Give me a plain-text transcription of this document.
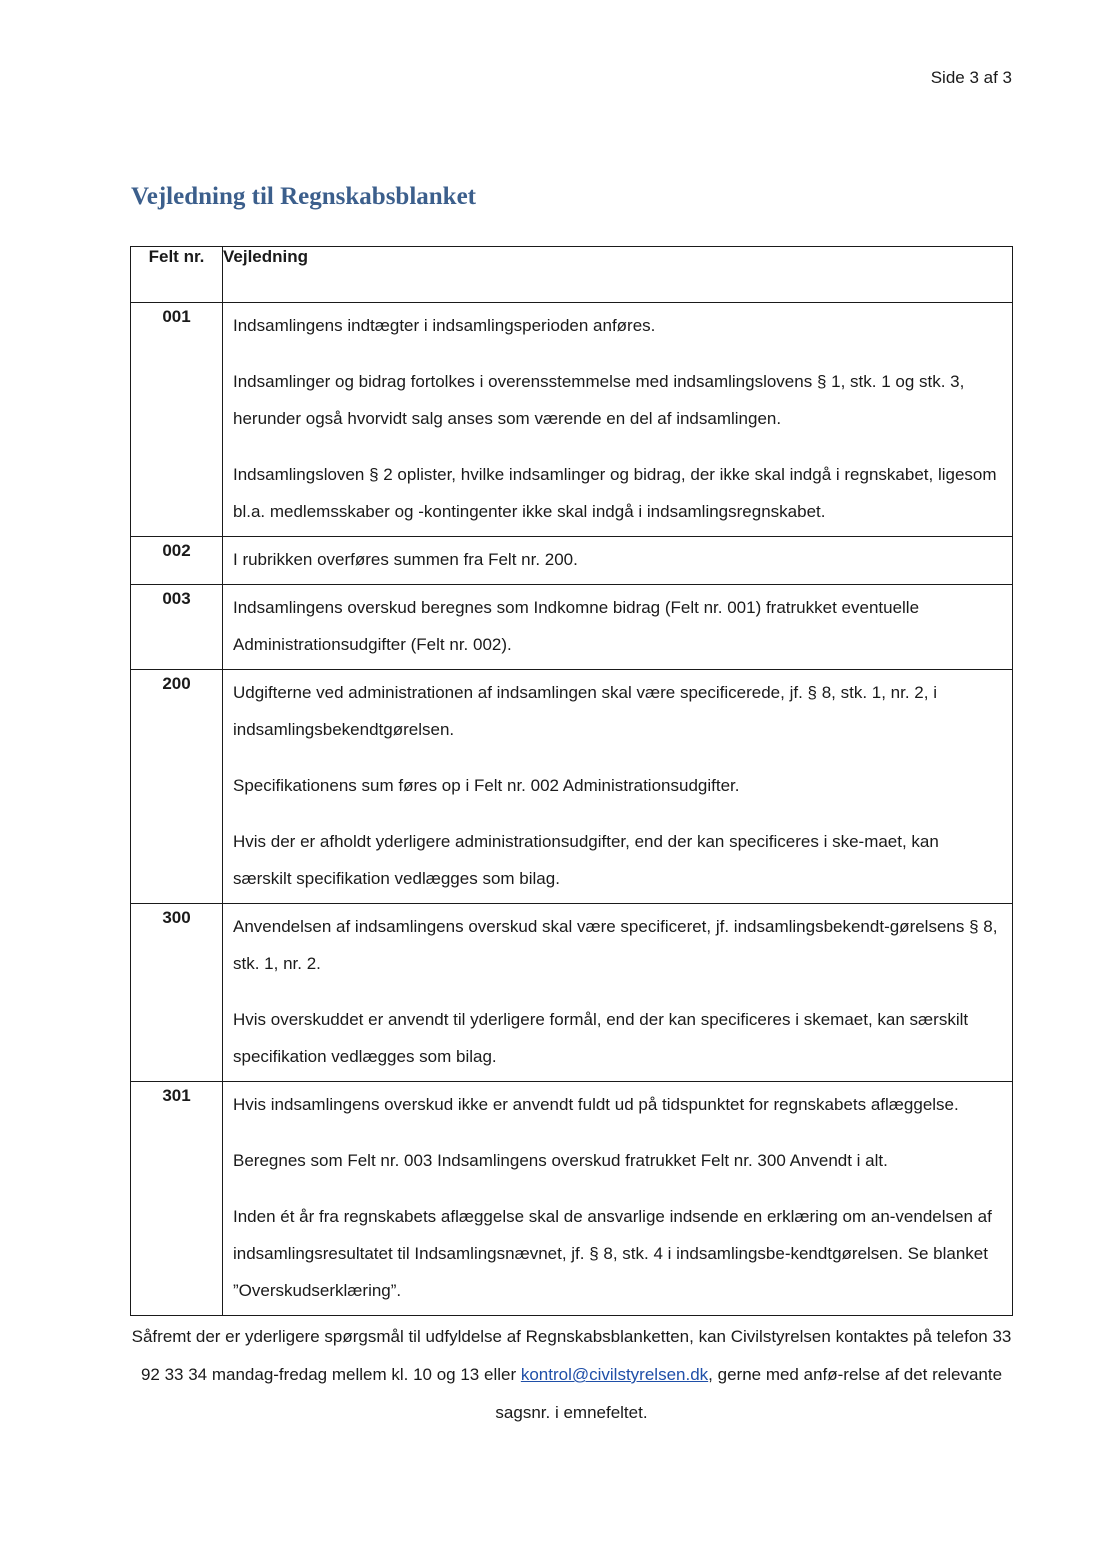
Side 3 af 3
Vejledning til Regnskabsblanket
Felt nr.	Vejledning
001	Indsamlingens indtægter i indsamlingsperioden anføres.

Indsamlinger og bidrag fortolkes i overensstemmelse med indsamlingslovens § 1, stk. 1 og stk. 3, herunder også hvorvidt salg anses som værende en del af indsamlingen.

Indsamlingsloven § 2 oplister, hvilke indsamlinger og bidrag, der ikke skal indgå i regnskabet, ligesom bl.a. medlemsskaber og -kontingenter ikke skal indgå i indsamlingsregnskabet.

002	I rubrikken overføres summen fra Felt nr. 200.

003	Indsamlingens overskud beregnes som Indkomne bidrag (Felt nr. 001) fratrukket eventuelle Administrationsudgifter (Felt nr. 002).

200	Udgifterne ved administrationen af indsamlingen skal være specificerede, jf. § 8, stk. 1, nr. 2, i indsamlingsbekendtgørelsen.

Specifikationens sum føres op i Felt nr. 002 Administrationsudgifter.

Hvis der er afholdt yderligere administrationsudgifter, end der kan specificeres i ske-maet, kan særskilt specifikation vedlægges som bilag.

300	Anvendelsen af indsamlingens overskud skal være specificeret, jf. indsamlingsbekendt-gørelsens § 8, stk. 1, nr. 2.

Hvis overskuddet er anvendt til yderligere formål, end der kan specificeres i skemaet, kan særskilt specifikation vedlægges som bilag.

301	Hvis indsamlingens overskud ikke er anvendt fuldt ud på tidspunktet for regnskabets aflæggelse.

Beregnes som Felt nr. 003 Indsamlingens overskud fratrukket Felt nr. 300 Anvendt i alt.

Inden ét år fra regnskabets aflæggelse skal de ansvarlige indsende en erklæring om an-vendelsen af indsamlingsresultatet til Indsamlingsnævnet, jf. § 8, stk. 4 i indsamlingsbe-kendtgørelsen. Se blanket ”Overskudserklæring”.

Såfremt der er yderligere spørgsmål til udfyldelse af Regnskabsblanketten, kan Civilstyrelsen kontaktes på telefon 33 92 33 34 mandag-fredag mellem kl. 10 og 13 eller kontrol@civilstyrelsen.dk, gerne med anfø-relse af det relevante sagsnr. i emnefeltet.
